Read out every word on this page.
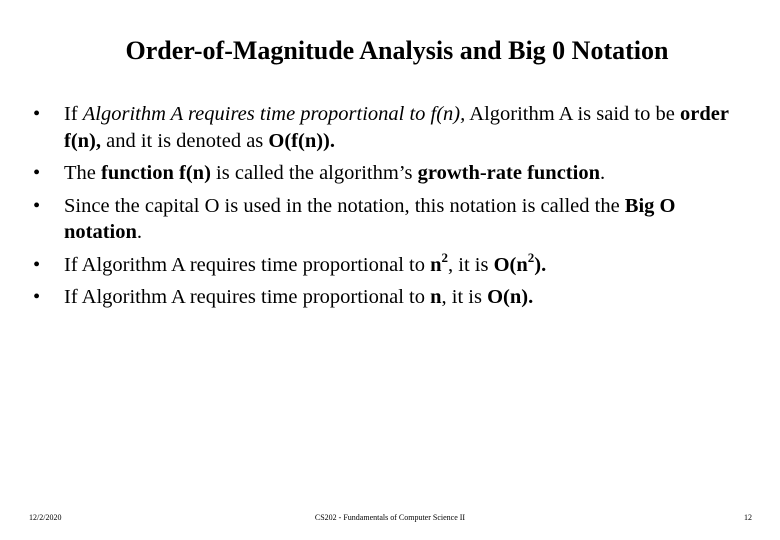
Order-of-Magnitude Analysis and Big 0 Notation
•	If Algorithm A requires time proportional to f(n), Algorithm A is said to be order f(n), and it is denoted as O(f(n)).
•	The function f(n) is called the algorithm’s growth-rate function.
•	Since the capital O is used in the notation, this notation is called the Big O notation.
•	If Algorithm A requires time proportional to $n^2$, it is $O(n^2)$.
•	If Algorithm A requires time proportional to n, it is O(n).
12/2/2020	CS202 - Fundamentals of Computer Science II	12
